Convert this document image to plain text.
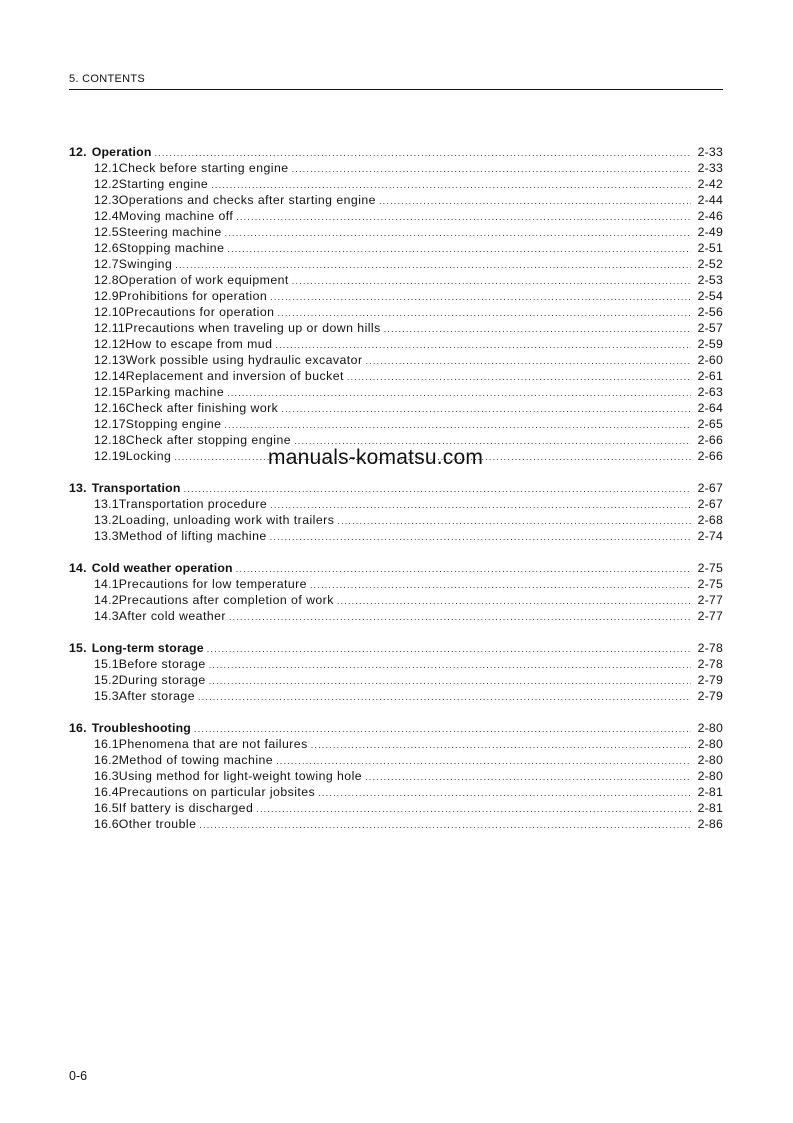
5. CONTENTS
12. Operation .....	2-33
12.1 Check before starting engine .....	2-33
12.2 Starting engine .....	2-42
12.3 Operations and checks after starting engine .....	2-44
12.4 Moving machine off .....	2-46
12.5 Steering machine .....	2-49
12.6 Stopping machine .....	2-51
12.7 Swinging .....	2-52
12.8 Operation of work equipment .....	2-53
12.9 Prohibitions for operation .....	2-54
12.10 Precautions for operation .....	2-56
12.11 Precautions when traveling up or down hills .....	2-57
12.12 How to escape from mud .....	2-59
12.13 Work possible using hydraulic excavator .....	2-60
12.14 Replacement and inversion of bucket .....	2-61
12.15 Parking machine .....	2-63
12.16 Check after finishing work .....	2-64
12.17 Stopping engine .....	2-65
12.18 Check after stopping engine .....	2-66
12.19 Locking .....	2-66
13. Transportation .....	2-67
13.1 Transportation procedure .....	2-67
13.2 Loading, unloading work with trailers .....	2-68
13.3 Method of lifting machine .....	2-74
14. Cold weather operation .....	2-75
14.1 Precautions for low temperature .....	2-75
14.2 Precautions after completion of work .....	2-77
14.3 After cold weather .....	2-77
15. Long-term storage .....	2-78
15.1 Before storage .....	2-78
15.2 During storage .....	2-79
15.3 After storage .....	2-79
16. Troubleshooting .....	2-80
16.1 Phenomena that are not failures .....	2-80
16.2 Method of towing machine .....	2-80
16.3 Using method for light-weight towing hole .....	2-80
16.4 Precautions on particular jobsites .....	2-81
16.5 If battery is discharged .....	2-81
16.6 Other trouble .....	2-86
manuals-komatsu.com
0-6
